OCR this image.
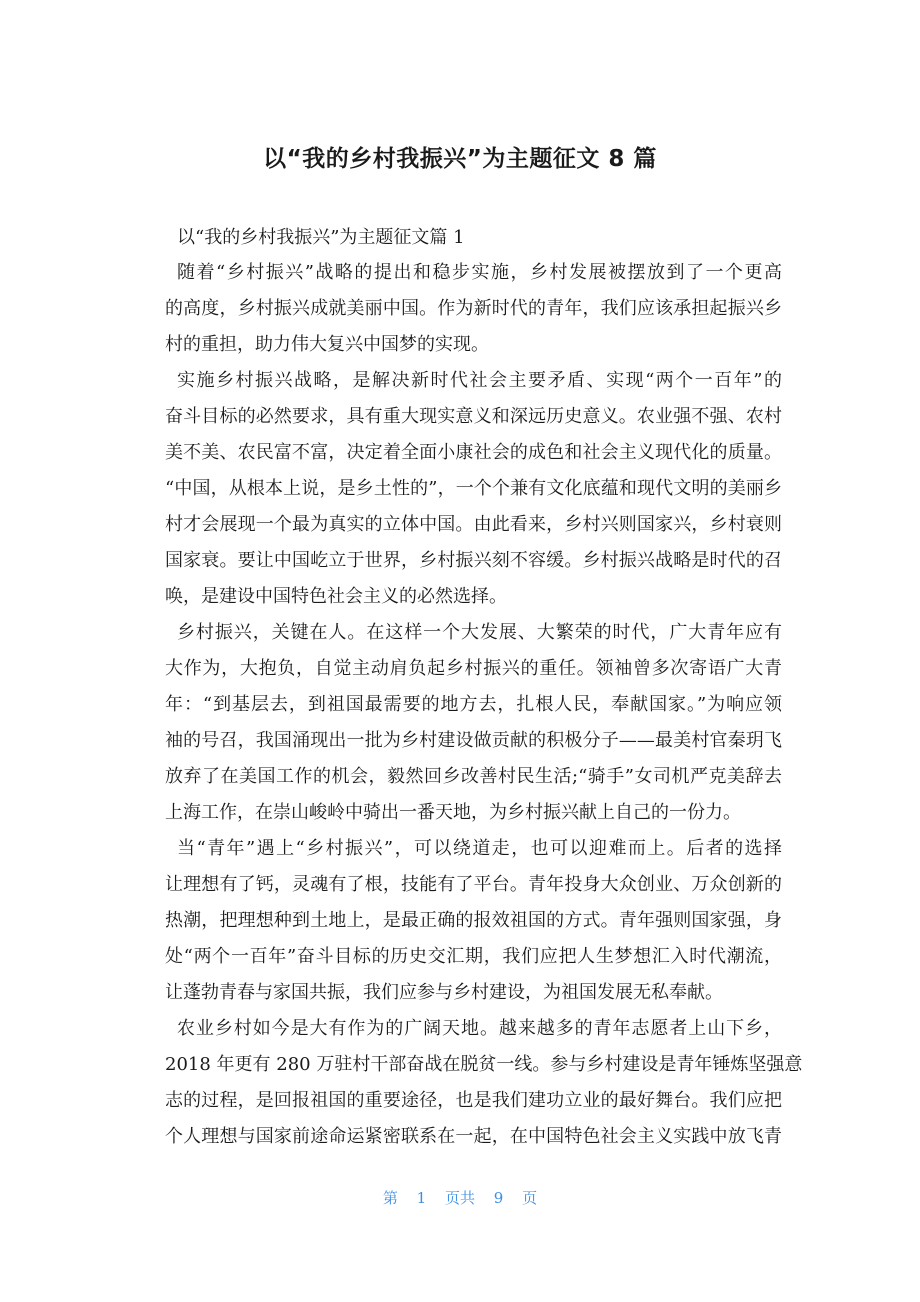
以“我的乡村我振兴”为主题征文 8 篇
以“我的乡村我振兴”为主题征文篇 1
随着“乡村振兴”战略的提出和稳步实施，乡村发展被摆放到了一个更高
的高度，乡村振兴成就美丽中国。作为新时代的青年，我们应该承担起振兴乡
村的重担，助力伟大复兴中国梦的实现。
实施乡村振兴战略，是解决新时代社会主要矛盾、实现“两个一百年”的
奋斗目标的必然要求，具有重大现实意义和深远历史意义。农业强不强、农村
美不美、农民富不富，决定着全面小康社会的成色和社会主义现代化的质量。
“中国，从根本上说，是乡土性的”，一个个兼有文化底蕴和现代文明的美丽乡
村才会展现一个最为真实的立体中国。由此看来，乡村兴则国家兴，乡村衰则
国家衰。要让中国屹立于世界，乡村振兴刻不容缓。乡村振兴战略是时代的召
唤，是建设中国特色社会主义的必然选择。
乡村振兴，关键在人。在这样一个大发展、大繁荣的时代，广大青年应有
大作为，大抱负，自觉主动肩负起乡村振兴的重任。领袖曾多次寄语广大青
年：“到基层去，到祖国最需要的地方去，扎根人民，奉献国家。”为响应领
袖的号召，我国涌现出一批为乡村建设做贡献的积极分子——最美村官秦玥飞
放弃了在美国工作的机会，毅然回乡改善村民生活;“骑手”女司机严克美辞去
上海工作，在崇山峻岭中骑出一番天地，为乡村振兴献上自己的一份力。
当“青年”遇上“乡村振兴”，可以绕道走，也可以迎难而上。后者的选择
让理想有了钙，灵魂有了根，技能有了平台。青年投身大众创业、万众创新的
热潮，把理想种到土地上，是最正确的报效祖国的方式。青年强则国家强，身
处“两个一百年”奋斗目标的历史交汇期，我们应把人生梦想汇入时代潮流，
让蓬勃青春与家国共振，我们应参与乡村建设，为祖国发展无私奉献。
农业乡村如今是大有作为的广阔天地。越来越多的青年志愿者上山下乡，
2018 年更有 280 万驻村干部奋战在脱贫一线。参与乡村建设是青年锤炼坚强意
志的过程，是回报祖国的重要途径，也是我们建功立业的最好舞台。我们应把
个人理想与国家前途命运紧密联系在一起，在中国特色社会主义实践中放飞青
第 1 页共 9 页
